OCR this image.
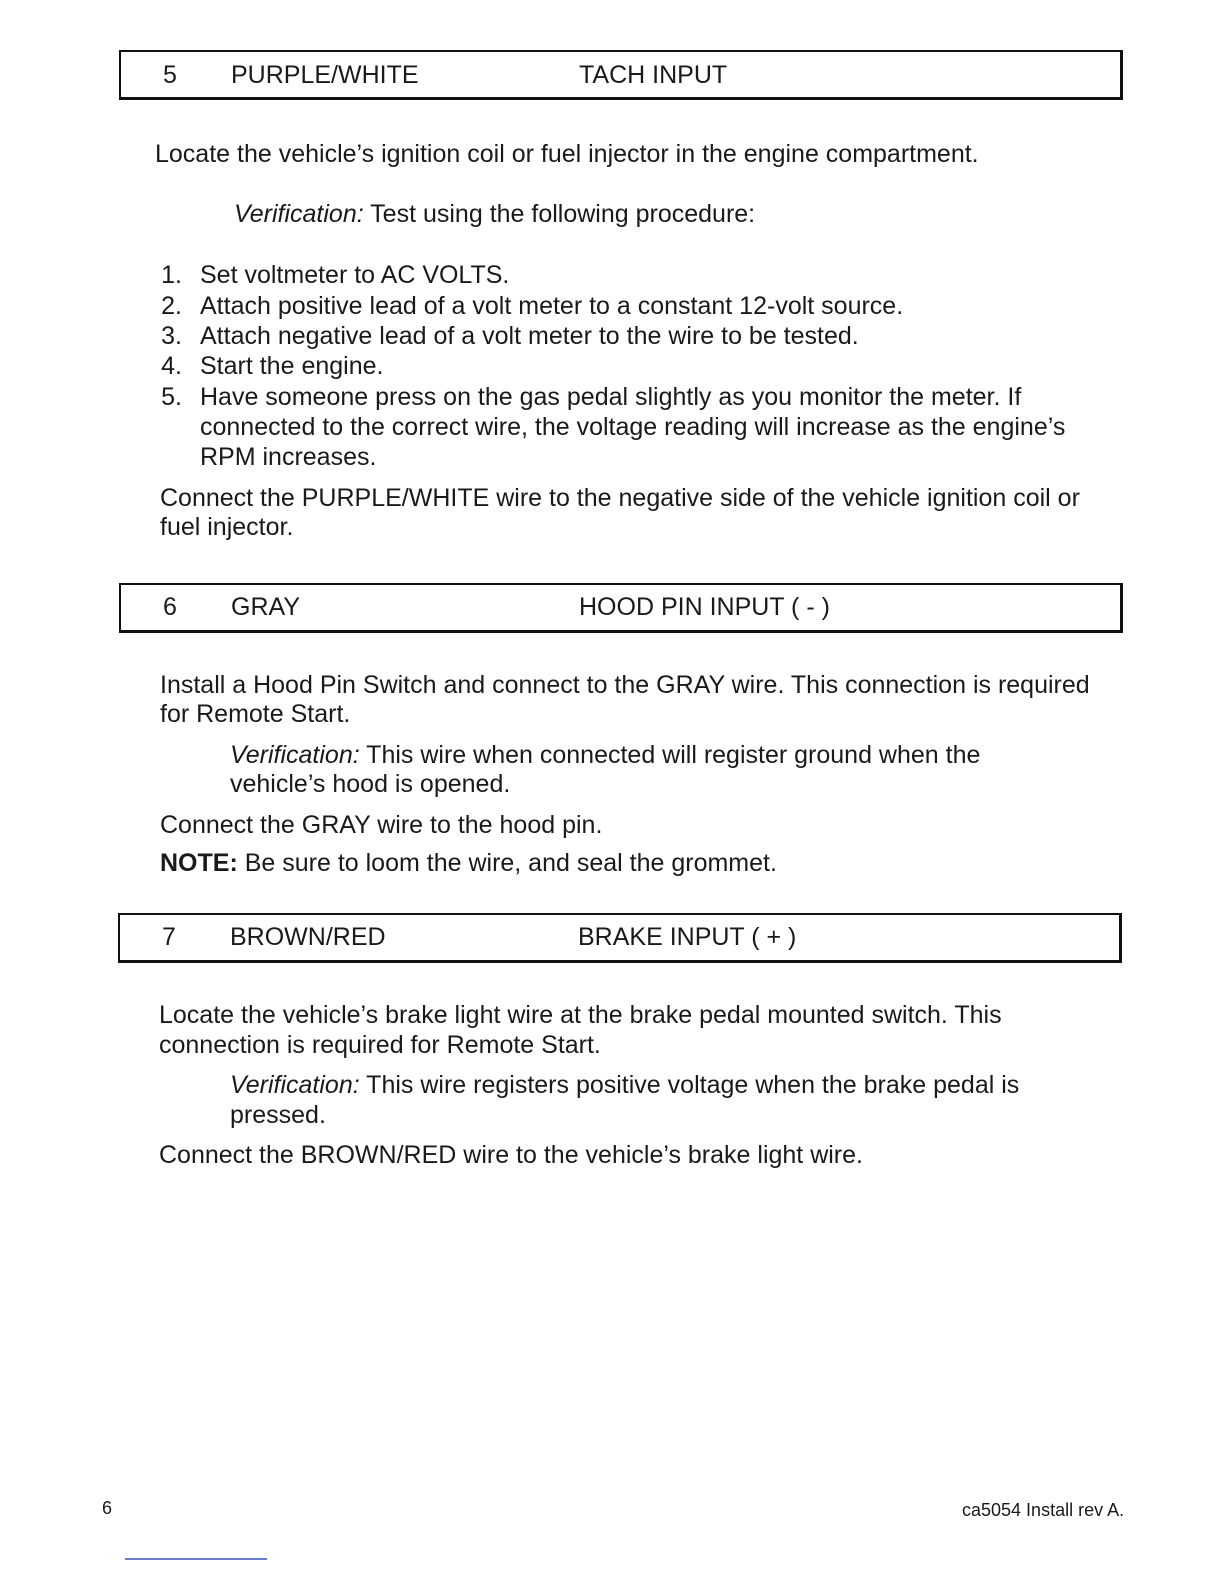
5 PURPLE/WHITE	TACH INPUT
Locate the vehicle’s ignition coil or fuel injector in the engine compartment.
Verification: Test using the following procedure:
1. Set voltmeter to AC VOLTS.
2. Attach positive lead of a volt meter to a constant 12-volt source.
3. Attach negative lead of a volt meter to the wire to be tested.
4. Start the engine.
5. Have someone press on the gas pedal slightly as you monitor the meter. If
connected to the correct wire, the voltage reading will increase as the engine’s
RPM increases.
Connect the PURPLE/WHITE wire to the negative side of the vehicle ignition coil or
fuel injector.
6 GRAY	HOOD PIN INPUT ( - )
Install a Hood Pin Switch and connect to the GRAY wire. This connection is required
for Remote Start.
Verification: This wire when connected will register ground when the
vehicle’s hood is opened.
Connect the GRAY wire to the hood pin.
NOTE: Be sure to loom the wire, and seal the grommet.
7 BROWN/RED	BRAKE INPUT ( + )
Locate the vehicle’s brake light wire at the brake pedal mounted switch. This
connection is required for Remote Start.
Verification: This wire registers positive voltage when the brake pedal is
pressed.
Connect the BROWN/RED wire to the vehicle’s brake light wire.
6	ca5054 Install rev A.
